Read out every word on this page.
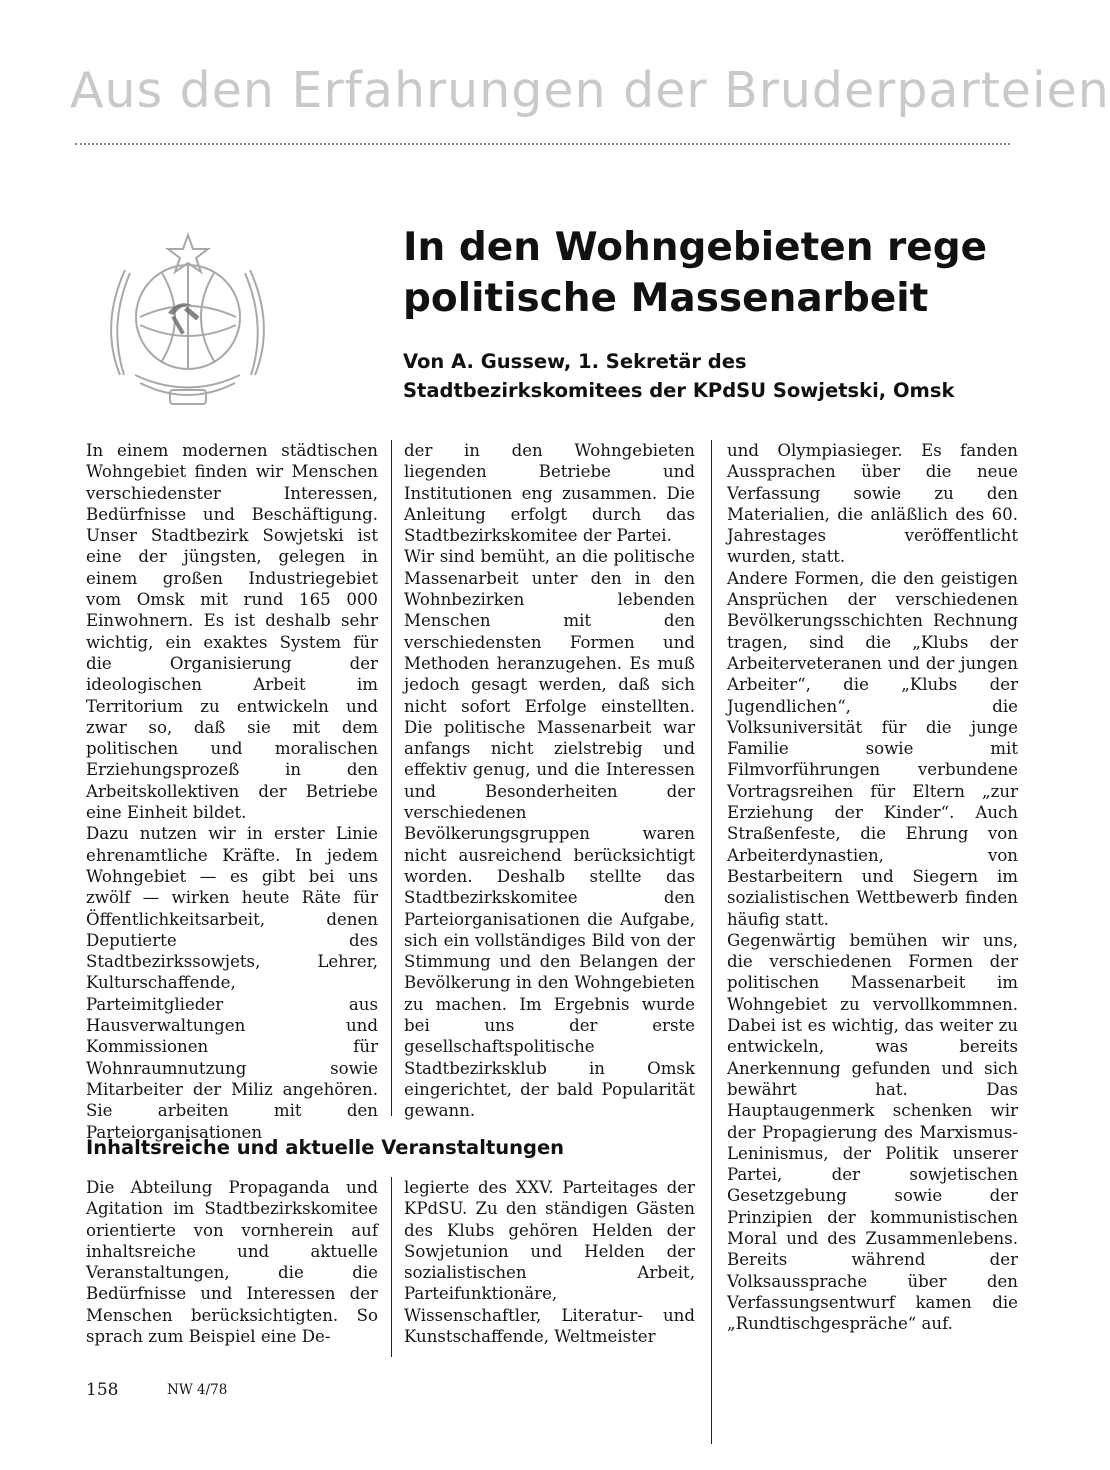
Aus den Erfahrungen der Bruderparteien
In den Wohngebieten rege politische Massenarbeit
Von A. Gussew, 1. Sekretär des Stadtbezirkskomitees der KPdSU Sowjetski, Omsk

In einem modernen städtischen Wohngebiet finden wir Menschen verschiedenster Interessen, Bedürfnisse und Beschäftigung. Unser Stadtbezirk Sowjetski ist eine der jüngsten, gelegen in einem großen Industriegebiet vom Omsk mit rund 165 000 Einwohnern. Es ist deshalb sehr wichtig, ein exaktes System für die Organisierung der ideologischen Arbeit im Territorium zu entwickeln und zwar so, daß sie mit dem politischen und moralischen Erziehungsprozeß in den Arbeitskollektiven der Betriebe eine Einheit bildet.

Dazu nutzen wir in erster Linie ehrenamtliche Kräfte. In jedem Wohngebiet — es gibt bei uns zwölf — wirken heute Räte für Öffentlichkeitsarbeit, denen Deputierte des Stadtbezirkssowjets, Lehrer, Kulturschaffende, Parteimitglieder aus Hausverwaltungen und Kommissionen für Wohnraumnutzung sowie Mitarbeiter der Miliz angehören. Sie arbeiten mit den Parteiorganisationen

der in den Wohngebieten liegenden Betriebe und Institutionen eng zusammen. Die Anleitung erfolgt durch das Stadtbezirkskomitee der Partei.

Wir sind bemüht, an die politische Massenarbeit unter den in den Wohnbezirken lebenden Menschen mit den verschiedensten Formen und Methoden heranzugehen. Es muß jedoch gesagt werden, daß sich nicht sofort Erfolge einstellten. Die politische Massenarbeit war anfangs nicht zielstrebig und effektiv genug, und die Interessen und Besonderheiten der verschiedenen Bevölkerungsgruppen waren nicht ausreichend berücksichtigt worden. Deshalb stellte das Stadtbezirkskomitee den Parteiorganisationen die Aufgabe, sich ein vollständiges Bild von der Stimmung und den Belangen der Bevölkerung in den Wohngebieten zu machen. Im Ergebnis wurde bei uns der erste gesellschaftspolitische Stadtbezirksklub in Omsk eingerichtet, der bald Popularität gewann.

und Olympiasieger. Es fanden Aussprachen über die neue Verfassung sowie zu den Materialien, die anläßlich des 60. Jahrestages veröffentlicht wurden, statt.

Andere Formen, die den geistigen Ansprüchen der verschiedenen Bevölkerungsschichten Rechnung tragen, sind die „Klubs der Arbeiterveteranen und der jungen Arbeiter“, die „Klubs der Jugendlichen“, die Volksuniversität für die junge Familie sowie mit Filmvorführungen verbundene Vortragsreihen für Eltern „zur Erziehung der Kinder“. Auch Straßenfeste, die Ehrung von Arbeiterdynastien, von Bestarbeitern und Siegern im sozialistischen Wettbewerb finden häufig statt.

Gegenwärtig bemühen wir uns, die verschiedenen Formen der politischen Massenarbeit im Wohngebiet zu vervollkommnen. Dabei ist es wichtig, das weiter zu entwickeln, was bereits Anerkennung gefunden und sich bewährt hat. Das Hauptaugenmerk schenken wir der Propagierung des Marxismus-Leninismus, der Politik unserer Partei, der sowjetischen Gesetzgebung sowie der Prinzipien der kommunistischen Moral und des Zusammenlebens. Bereits während der Volksaussprache über den Verfassungsentwurf kamen die „Rundtischgespräche“ auf.

Inhaltsreiche und aktuelle Veranstaltungen

Die Abteilung Propaganda und Agitation im Stadtbezirkskomitee orientierte von vornherein auf inhaltsreiche und aktuelle Veranstaltungen, die die Bedürfnisse und Interessen der Menschen berücksichtigten. So sprach zum Beispiel eine De-

legierte des XXV. Parteitages der KPdSU. Zu den ständigen Gästen des Klubs gehören Helden der Sowjetunion und Helden der sozialistischen Arbeit, Parteifunktionäre, Wissenschaftler, Literatur- und Kunstschaffende, Weltmeister

158	NW 4/78
